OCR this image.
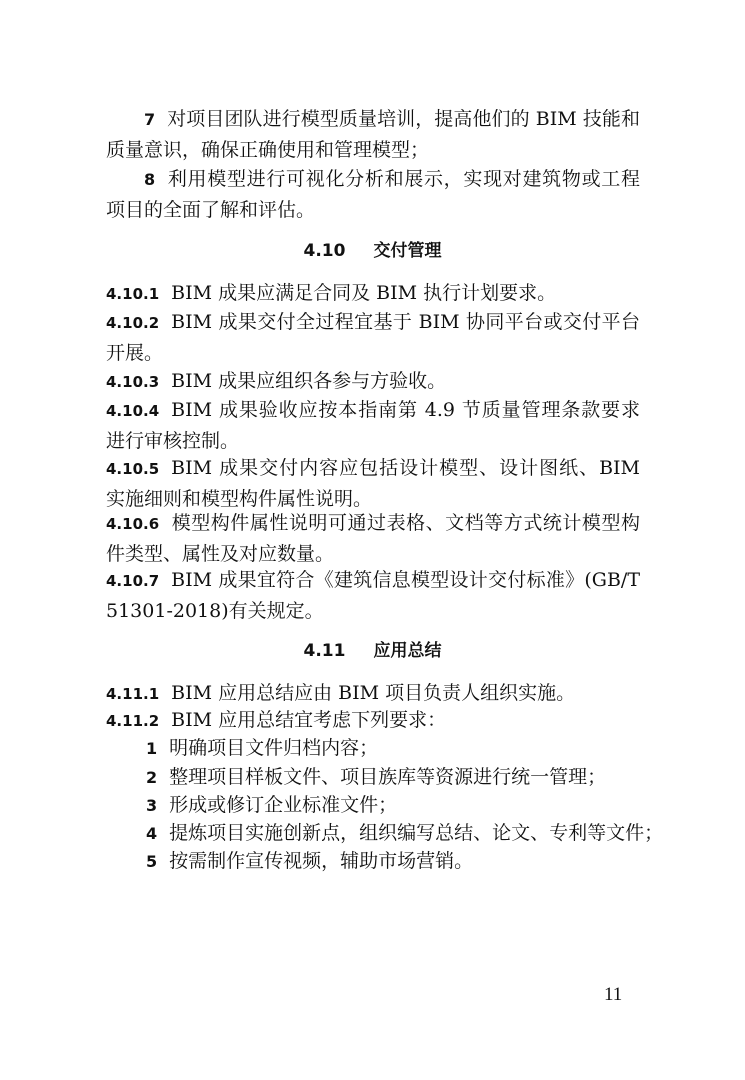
7 对项目团队进行模型质量培训，提高他们的 BIM 技能和质量意识，确保正确使用和管理模型；
8 利用模型进行可视化分析和展示，实现对建筑物或工程项目的全面了解和评估。
4.10 交付管理
4.10.1 BIM 成果应满足合同及 BIM 执行计划要求。
4.10.2 BIM 成果交付全过程宜基于 BIM 协同平台或交付平台开展。
4.10.3 BIM 成果应组织各参与方验收。
4.10.4 BIM 成果验收应按本指南第 4.9 节质量管理条款要求进行审核控制。
4.10.5 BIM 成果交付内容应包括设计模型、设计图纸、BIM 实施细则和模型构件属性说明。
4.10.6 模型构件属性说明可通过表格、文档等方式统计模型构件类型、属性及对应数量。
4.10.7 BIM 成果宜符合《建筑信息模型设计交付标准》(GB/T 51301-2018)有关规定。
4.11 应用总结
4.11.1 BIM 应用总结应由 BIM 项目负责人组织实施。
4.11.2 BIM 应用总结宜考虑下列要求：
1 明确项目文件归档内容；
2 整理项目样板文件、项目族库等资源进行统一管理；
3 形成或修订企业标准文件；
4 提炼项目实施创新点，组织编写总结、论文、专利等文件；
5 按需制作宣传视频，辅助市场营销。
11
